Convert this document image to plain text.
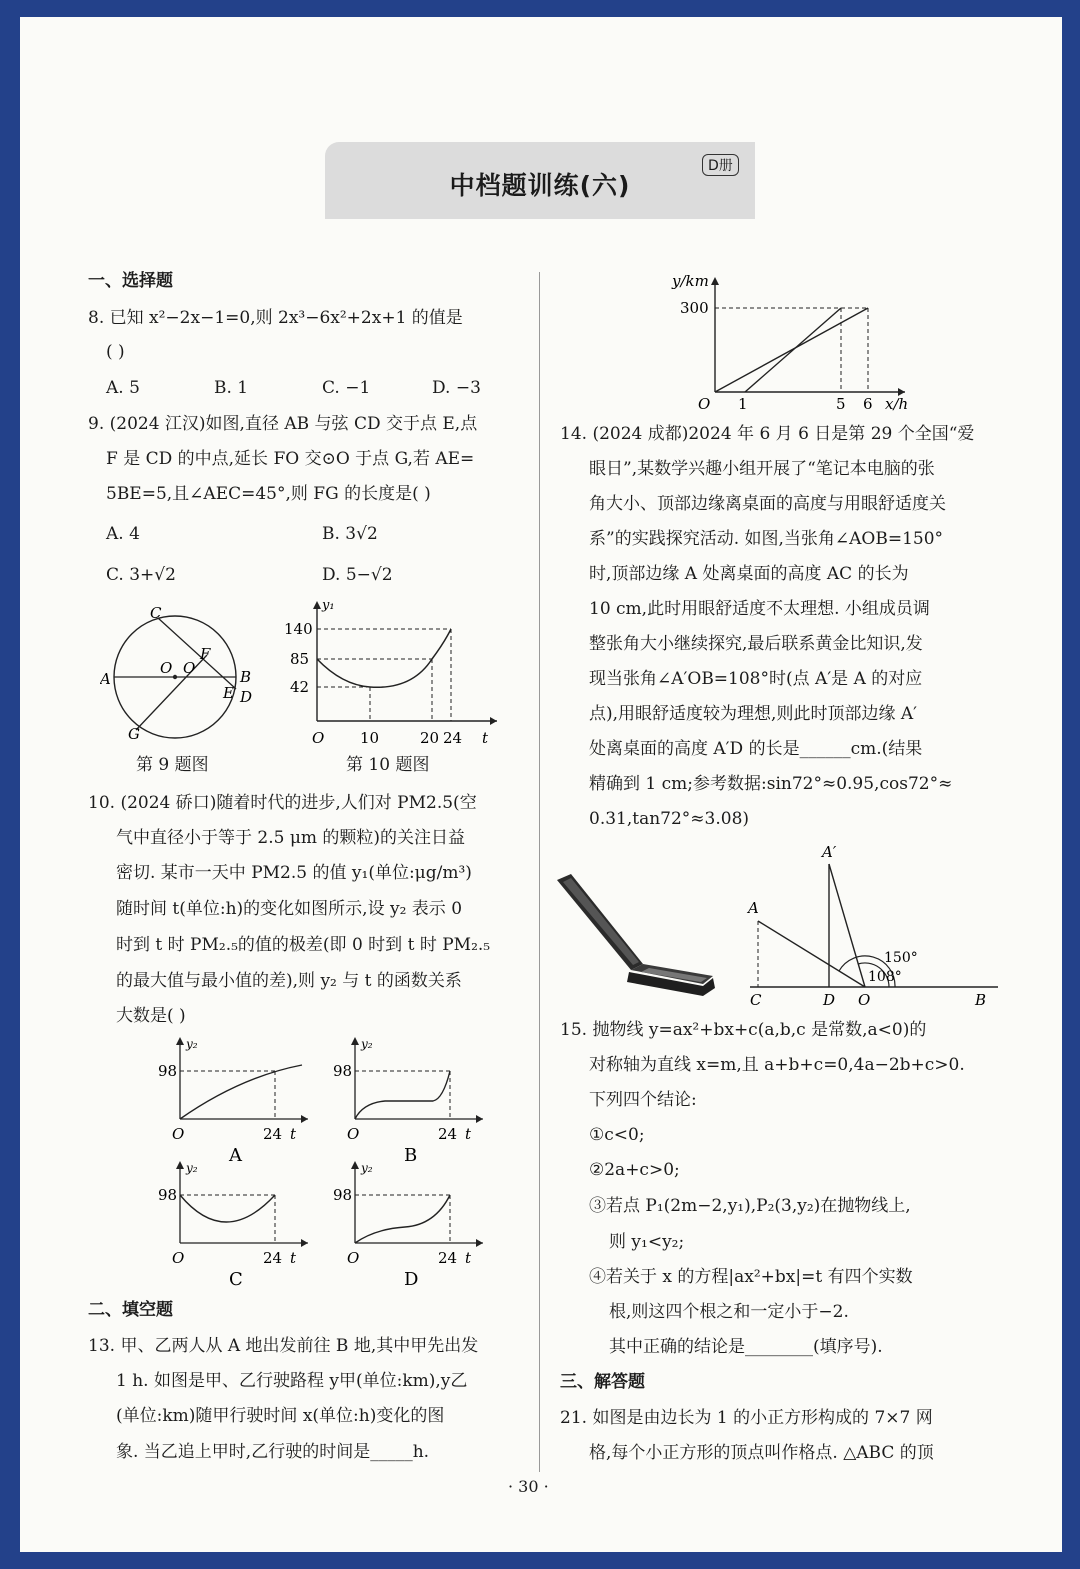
中档题训练(六)
D册
一、选择题
8. 已知 x²−2x−1=0,则 2x³−6x²+2x+1 的值是
( )
A. 5	B. 1	C. −1	D. −3
9. (2024 江汉)如图,直径 AB 与弦 CD 交于点 E,点
F 是 CD 的中点,延长 FO 交⊙O 于点 G,若 AE=
5BE=5,且∠AEC=45°,则 FG 的长度是( )
A. 4	B. 3√2
C. 3+√2	D. 5−√2
C
O
O
F
A
E
B
D
G
y₁
140
85
42
O 10	20 24 t
第 9 题图	第 10 题图
10. (2024 硚口)随着时代的进步,人们对 PM2.5(空
气中直径小于等于 2.5 μm 的颗粒)的关注日益
密切. 某市一天中 PM2.5 的值 y₁(单位:μg/m³)
随时间 t(单位:h)的变化如图所示,设 y₂ 表示 0
时到 t 时 PM₂.₅的值的极差(即 0 时到 t 时 PM₂.₅
的最大值与最小值的差),则 y₂ 与 t 的函数关系
大数是( )
y₂
98
O	24 t
A
y₂
98
O	24 t
B
y₂
98
O	24 t
C
y₂
98
O	24 t
D
二、填空题
13. 甲、乙两人从 A 地出发前往 B 地,其中甲先出发
1 h. 如图是甲、乙行驶路程 y甲(单位:km),y乙
(单位:km)随甲行驶时间 x(单位:h)变化的图
象. 当乙追上甲时,乙行驶的时间是_____h.
y/km
300
O 1	5 6 x/h
14. (2024 成都)2024 年 6 月 6 日是第 29 个全国“爱
眼日”,某数学兴趣小组开展了“笔记本电脑的张
角大小、顶部边缘离桌面的高度与用眼舒适度关
系”的实践探究活动. 如图,当张角∠AOB=150°
时,顶部边缘 A 处离桌面的高度 AC 的长为
10 cm,此时用眼舒适度不太理想. 小组成员调
整张角大小继续探究,最后联系黄金比知识,发
现当张角∠A′OB=108°时(点 A′是 A 的对应
点),用眼舒适度较为理想,则此时顶部边缘 A′
处离桌面的高度 A′D 的长是______cm.(结果
精确到 1 cm;参考数据:sin72°≈0.95,cos72°≈
0.31,tan72°≈3.08)
A
A′
C	D O	B
150°
108°
15. 抛物线 y=ax²+bx+c(a,b,c 是常数,a<0)的
对称轴为直线 x=m,且 a+b+c=0,4a−2b+c>0.
下列四个结论:
①c<0;
②2a+c>0;
③若点 P₁(2m−2,y₁),P₂(3,y₂)在抛物线上,
则 y₁<y₂;
④若关于 x 的方程|ax²+bx|=t 有四个实数
根,则这四个根之和一定小于−2.
其中正确的结论是________(填序号).
三、解答题
21. 如图是由边长为 1 的小正方形构成的 7×7 网
格,每个小正方形的顶点叫作格点. △ABC 的顶
· 30 ·
